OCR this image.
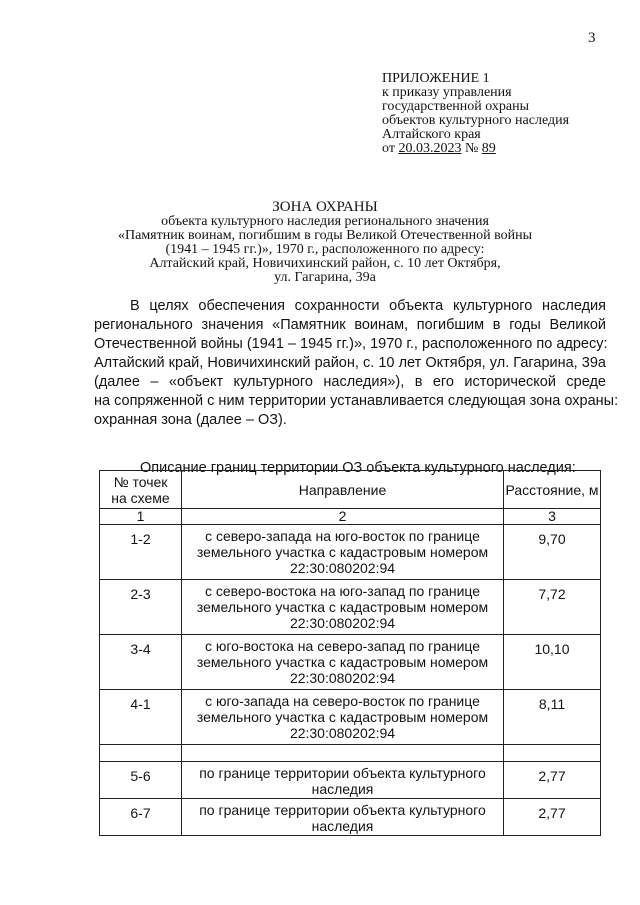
3
ПРИЛОЖЕНИЕ 1
к приказу управления
государственной охраны
объектов культурного наследия
Алтайского края
от 20.03.2023 № 89
ЗОНА ОХРАНЫ
объекта культурного наследия регионального значения
«Памятник воинам, погибшим в годы Великой Отечественной войны
(1941 – 1945 гг.)», 1970 г., расположенного по адресу:
Алтайский край, Новичихинский район, с. 10 лет Октября,
ул. Гагарина, 39а
В целях обеспечения сохранности объекта культурного наследия
регионального значения «Памятник воинам, погибшим в годы Великой
Отечественной войны (1941 – 1945 гг.)», 1970 г., расположенного по адресу:
Алтайский край, Новичихинский район, с. 10 лет Октября, ул. Гагарина, 39а
(далее – «объект культурного наследия»), в его исторической среде
на сопряженной с ним территории устанавливается следующая зона охраны:
охранная зона (далее – ОЗ).
Описание границ территории ОЗ объекта культурного наследия:
№ точек
на схеме	Направление	Расстояние, м
1	2	3

1-2	с северо-запада на юго-восток по границе
земельного участка с кадастровым номером
22:30:080202:94	9,70

2-3	с северо-востока на юго-запад по границе
земельного участка с кадастровым номером
22:30:080202:94	7,72

3-4	с юго-востока на северо-запад по границе
земельного участка с кадастровым номером
22:30:080202:94	10,10

4-1	с юго-запада на северо-восток по границе
земельного участка с кадастровым номером
22:30:080202:94	8,11

5-6	по границе территории объекта культурного
наследия	2,77

6-7	по границе территории объекта культурного
наследия	2,77
